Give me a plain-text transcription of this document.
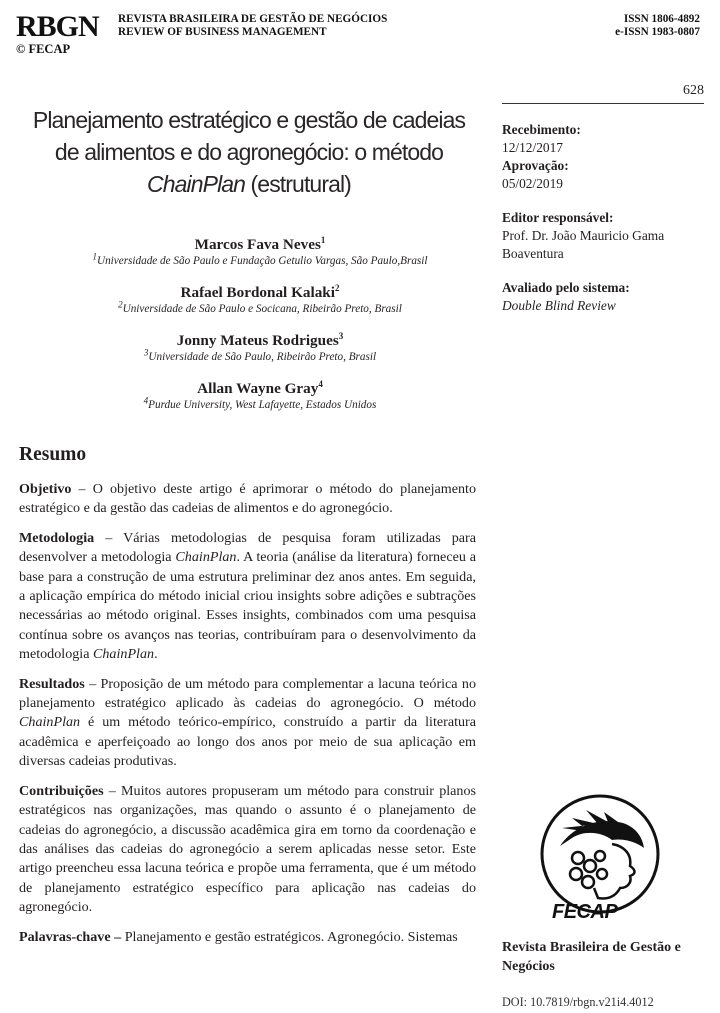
RBGN
© FECAP
REVISTA BRASILEIRA DE GESTÃO DE NEGÓCIOS
REVIEW OF BUSINESS MANAGEMENT
ISSN 1806-4892
e-ISSN 1983-0807
628
Planejamento estratégico e gestão de cadeias
de alimentos e do agronegócio: o método
ChainPlan (estrutural)
Marcos Fava Neves$^1$
$^1$Universidade de São Paulo e Fundação Getulio Vargas, São Paulo,Brasil
Rafael Bordonal Kalaki$^2$
$^2$Universidade de São Paulo e Socicana, Ribeirão Preto, Brasil
Jonny Mateus Rodrigues$^3$
$^3$Universidade de São Paulo, Ribeirão Preto, Brasil
Allan Wayne Gray$^4$
$^4$Purdue University, West Lafayette, Estados Unidos
Recebimento:
12/12/2017
Aprovação:
05/02/2019
Editor responsável:
Prof. Dr. João Mauricio Gama Boaventura
Avaliado pelo sistema:
Double Blind Review
Resumo

Objetivo – O objetivo deste artigo é aprimorar o método do planejamento estratégico e da gestão das cadeias de alimentos e do agronegócio.

Metodologia – Várias metodologias de pesquisa foram utilizadas para desenvolver a metodologia ChainPlan. A teoria (análise da literatura) forneceu a base para a construção de uma estrutura preliminar dez anos antes. Em seguida, a aplicação empírica do método inicial criou insights sobre adições e subtrações necessárias ao método original. Esses insights, combinados com uma pesquisa contínua sobre os avanços nas teorias, contribuíram para o desenvolvimento da metodologia ChainPlan.

Resultados – Proposição de um método para complementar a lacuna teórica no planejamento estratégico aplicado às cadeias do agronegócio. O método ChainPlan é um método teórico-empírico, construído a partir da literatura acadêmica e aperfeiçoado ao longo dos anos por meio de sua aplicação em diversas cadeias produtivas.

Contribuições – Muitos autores propuseram um método para construir planos estratégicos nas organizações, mas quando o assunto é o planejamento de cadeias do agronegócio, a discussão acadêmica gira em torno da coordenação e das análises das cadeias do agronegócio a serem aplicadas nesse setor. Este artigo preencheu essa lacuna teórica e propõe uma ferramenta, que é um método de planejamento estratégico específico para aplicação nas cadeias do agronegócio.

Palavras-chave – Planejamento e gestão estratégicos. Agronegócio. Sistemas

FECAP
Revista Brasileira de Gestão e Negócios
DOI: 10.7819/rbgn.v21i4.4012
